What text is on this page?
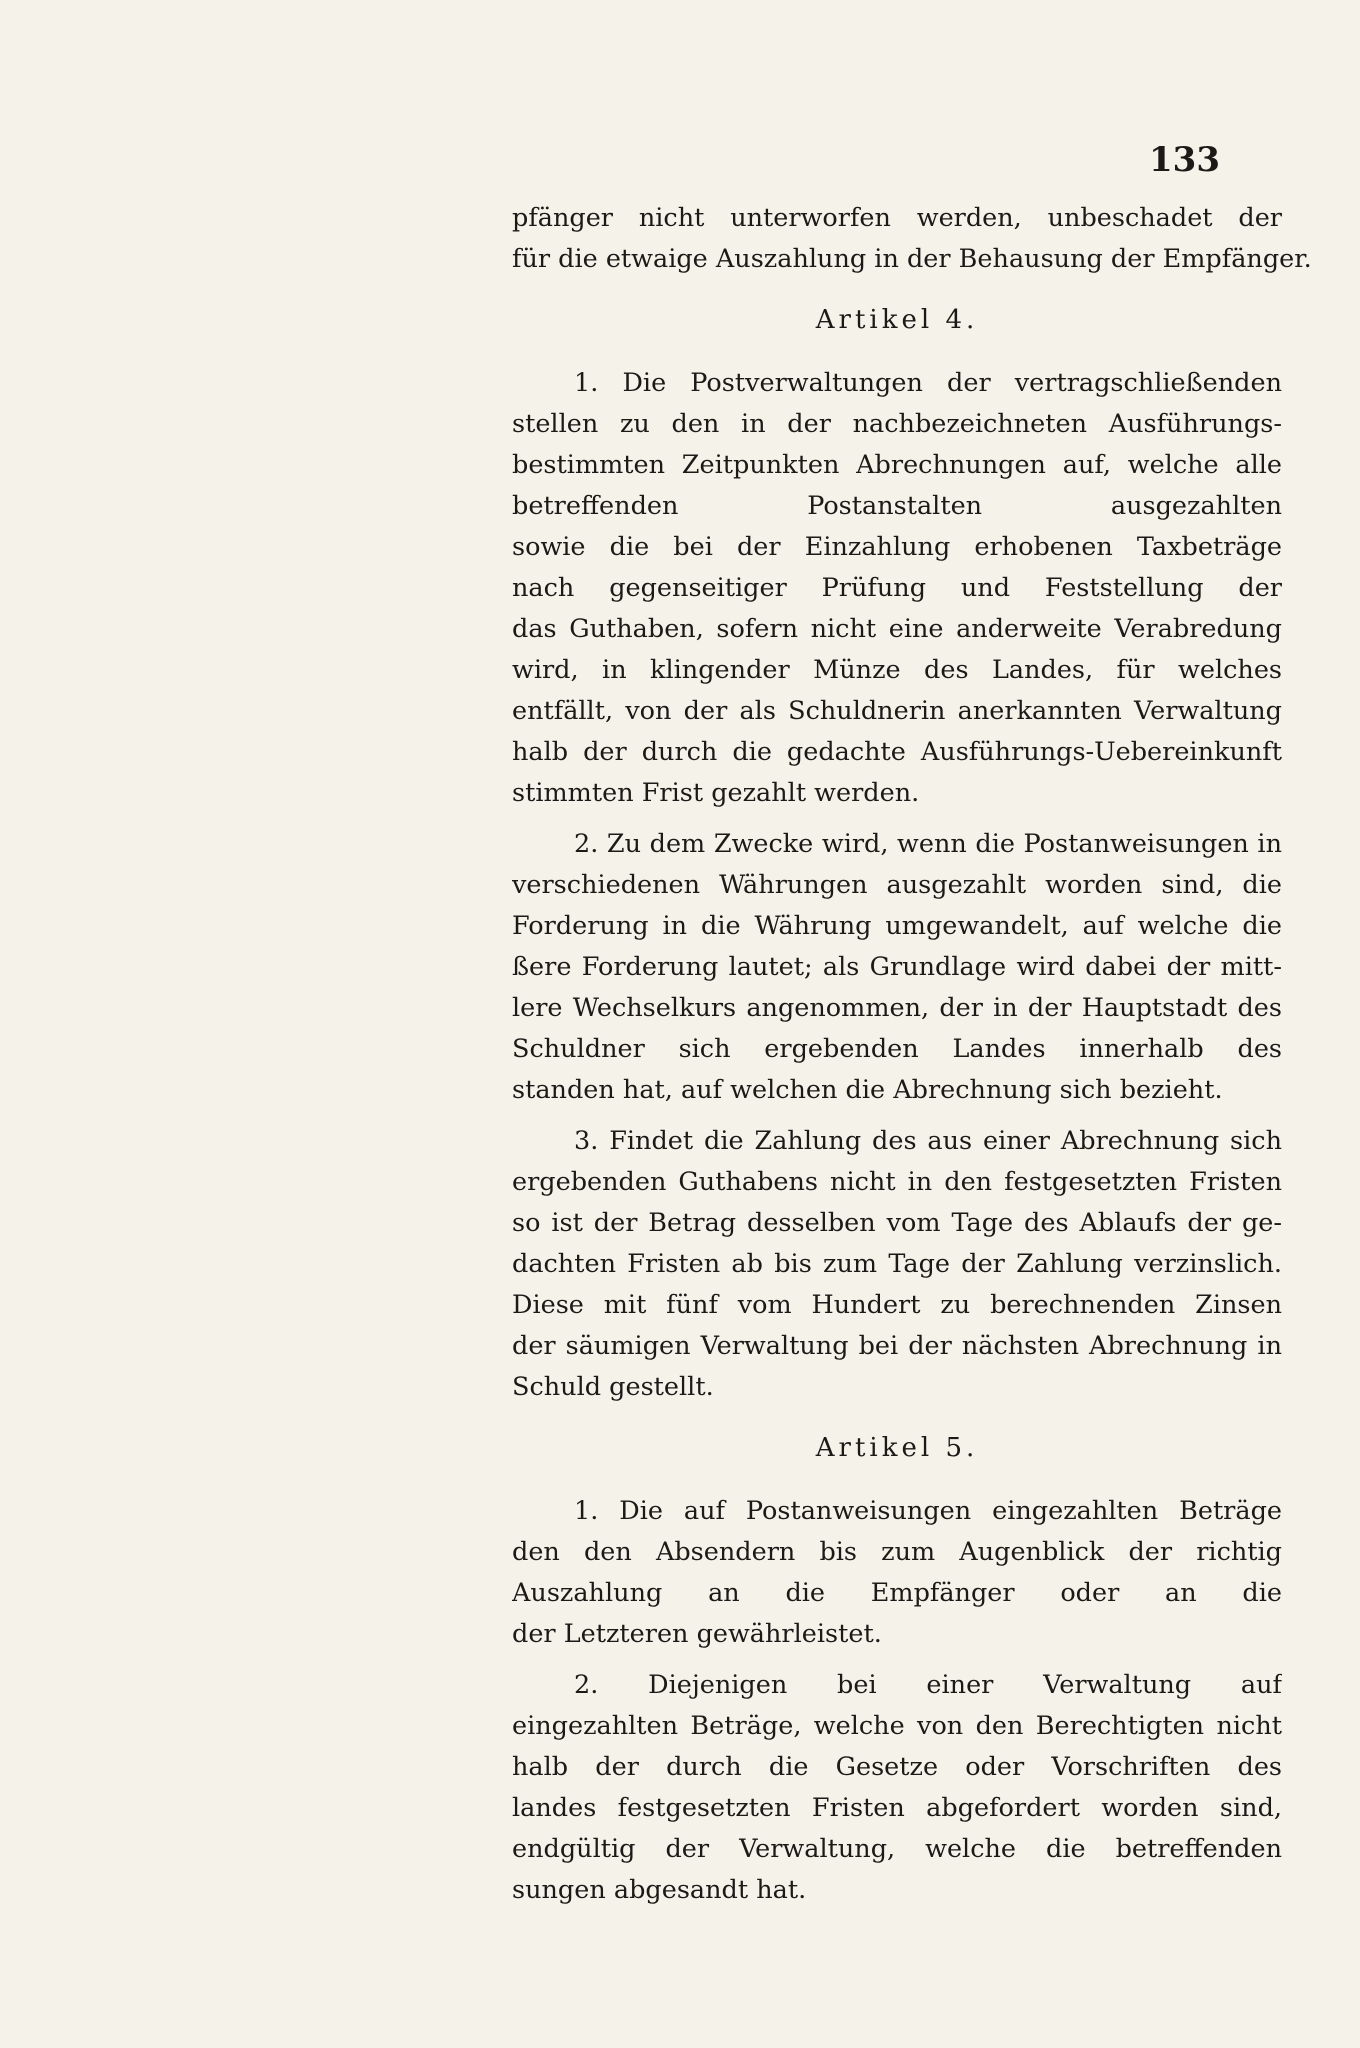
133
pfänger nicht unterworfen werden, unbeschadet der
für die etwaige Auszahlung in der Behausung der Empfänger.
Artikel 4.
1. Die Postverwaltungen der vertragschließenden
stellen zu den in der nachbezeichneten Ausführungs-
bestimmten Zeitpunkten Abrechnungen auf, welche alle
betreffenden Postanstalten ausgezahlten
sowie die bei der Einzahlung erhobenen Taxbeträge
nach gegenseitiger Prüfung und Feststellung der
das Guthaben, sofern nicht eine anderweite Verabredung
wird, in klingender Münze des Landes, für welches
entfällt, von der als Schuldnerin anerkannten Verwaltung
halb der durch die gedachte Ausführungs-Uebereinkunft
stimmten Frist gezahlt werden.
2. Zu dem Zwecke wird, wenn die Postanweisungen in
verschiedenen Währungen ausgezahlt worden sind, die
Forderung in die Währung umgewandelt, auf welche die
ßere Forderung lautet; als Grundlage wird dabei der mitt-
lere Wechselkurs angenommen, der in der Hauptstadt des
Schuldner sich ergebenden Landes innerhalb des
standen hat, auf welchen die Abrechnung sich bezieht.
3. Findet die Zahlung des aus einer Abrechnung sich
ergebenden Guthabens nicht in den festgesetzten Fristen
so ist der Betrag desselben vom Tage des Ablaufs der ge-
dachten Fristen ab bis zum Tage der Zahlung verzinslich.
Diese mit fünf vom Hundert zu berechnenden Zinsen
der säumigen Verwaltung bei der nächsten Abrechnung in
Schuld gestellt.
Artikel 5.
1. Die auf Postanweisungen eingezahlten Beträge
den den Absendern bis zum Augenblick der richtig
Auszahlung an die Empfänger oder an die
der Letzteren gewährleistet.
2. Diejenigen bei einer Verwaltung auf
eingezahlten Beträge, welche von den Berechtigten nicht
halb der durch die Gesetze oder Vorschriften des
landes festgesetzten Fristen abgefordert worden sind,
endgültig der Verwaltung, welche die betreffenden
sungen abgesandt hat.
